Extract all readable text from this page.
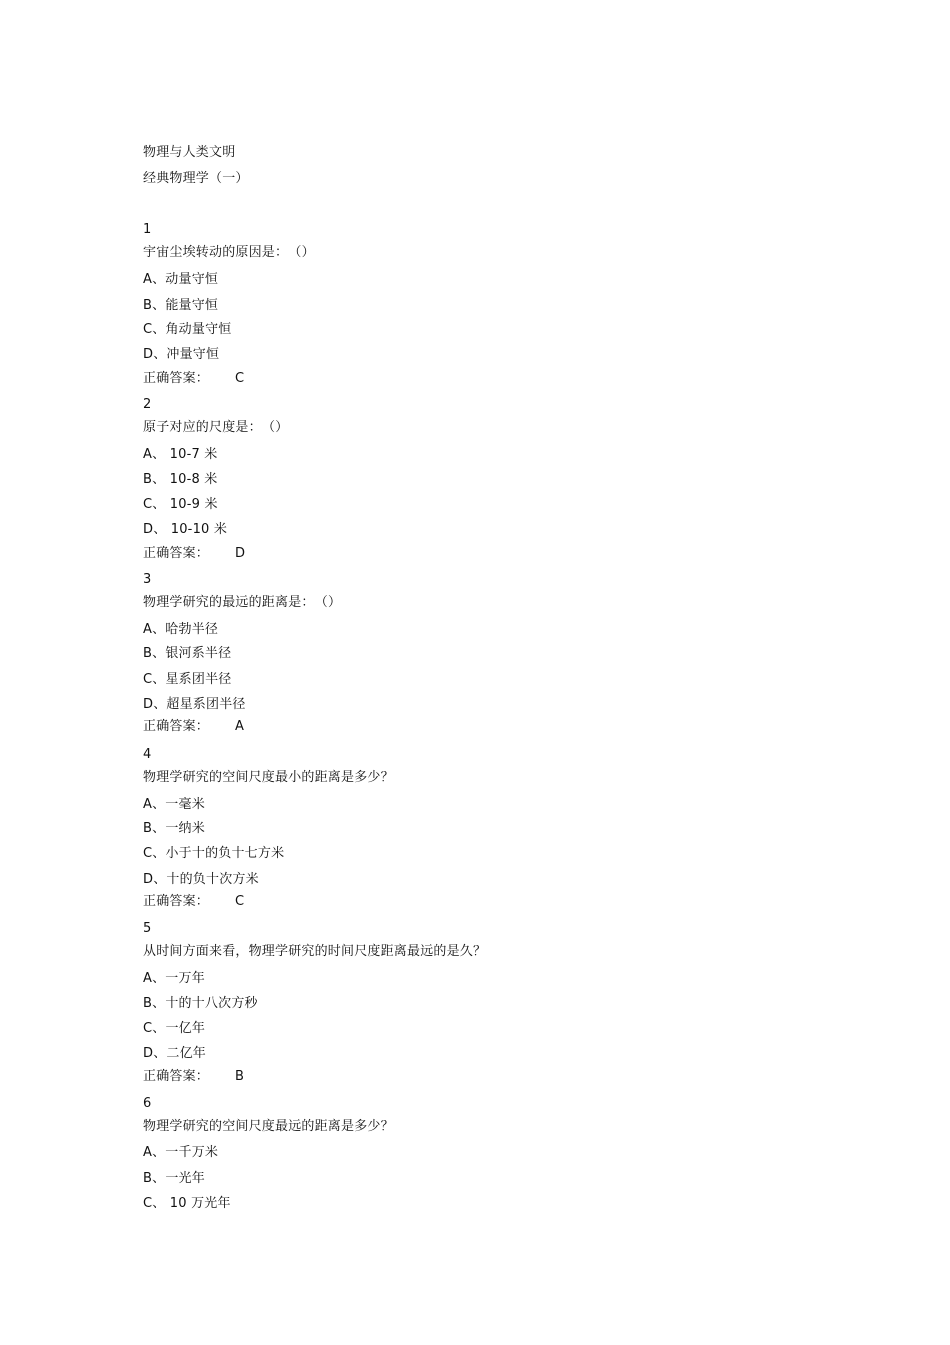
物理与人类文明
经典物理学（一）
1
宇宙尘埃转动的原因是：　（）
A、动量守恒
B、能量守恒
C、角动量守恒
D、冲量守恒
正确答案： C
2
原子对应的尺度是：　（）
A、 10-7 米
B、 10-8 米
C、 10-9 米
D、 10-10 米
正确答案： D
3
物理学研究的最远的距离是：　（）
A、哈勃半径
B、银河系半径
C、星系团半径
D、超星系团半径
正确答案： A
4
物理学研究的空间尺度最小的距离是多少？
A、一毫米
B、一纳米
C、小于十的负十七方米
D、十的负十次方米
正确答案： C
5
从时间方面来看，物理学研究的时间尺度距离最远的是久？
A、一万年
B、十的十八次方秒
C、一亿年
D、二亿年
正确答案： B
6
物理学研究的空间尺度最远的距离是多少？
A、一千万米
B、一光年
C、 10 万光年
